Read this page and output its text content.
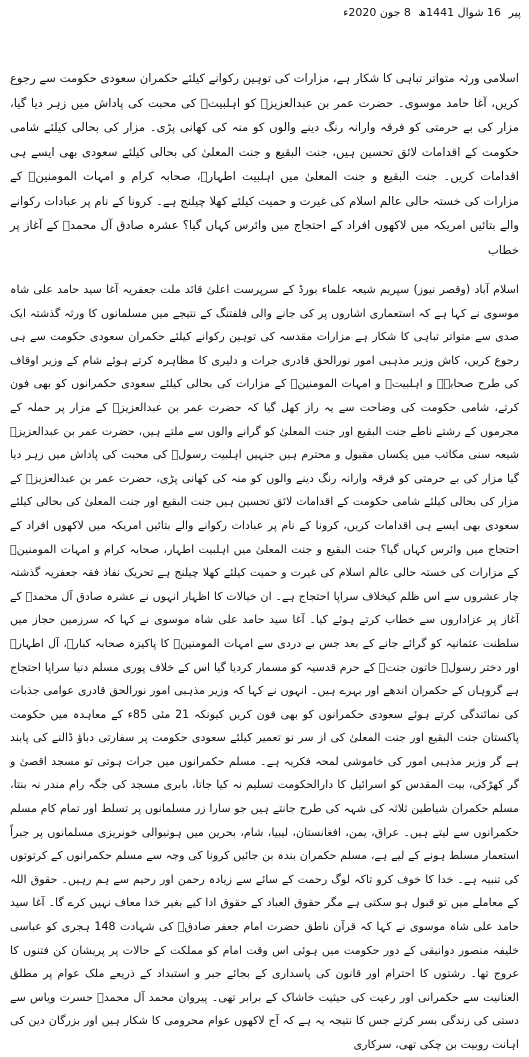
پیر 16 شوال 1441ھ 8 جون 2020ء
اسلامی ورثہ متواتر تباہی کا شکار ہے، مزارات کی توہین رکوانے کیلئے حکمران سعودی حکومت سے رجوع کریں، آغا حامد موسوی۔ حضرت عمر بن عبدالعزیزؒ کو اہلبیتؑ کی محبت کی پاداش میں زہر دیا گیا، مزار کی بے حرمتی کو فرقہ وارانہ رنگ دینے والوں کو منہ کی کھانی پڑی۔ مزار کی بحالی کیلئے شامی حکومت کے اقدامات لائق تحسین ہیں، جنت البقیع و جنت المعلیٰ کی بحالی کیلئے سعودی بھی ایسے ہی اقدامات کریں۔ جنت البقیع و جنت المعلیٰ میں اہلبیت اطہارؑ، صحابہ کرام و امہات المومنینؓ کے مزارات کی خستہ حالی عالم اسلام کی غیرت و حمیت کیلئے کھلا چیلنج ہے۔ کرونا کے نام پر عبادات رکوانے والے بتائیں امریکہ میں لاکھوں افراد کے احتجاج میں وائرس کہاں گیا؟ عشرہ صادق آل محمدؑ کے آغاز پر خطاب
اسلام آباد (وقصر نیوز) سپریم شیعہ علماء بورڈ کے سرپرست اعلیٰ قائد ملت جعفریہ آغا سید حامد علی شاہ موسوی نے کہا ہے کہ استعماری اشاروں پر کی جانے والی فلفتنگ کے نتیجے میں مسلمانوں کا ورثہ گذشتہ ایک صدی سے متواتر تباہی کا شکار ہے مزارات مقدسہ کی توہین رکوانے کیلئے حکمران سعودی حکومت سے ہی رجوع کریں، کاش وزیر مذہبی امور نورالحق قادری جرات و دلیری کا مظاہرہ کرتے ہوئے شام کے وزیر اوقاف کی طرح صحابہؓ و اہلبیتؑ و امہات المومنینؓ کے مزارات کی بحالی کیلئے سعودی حکمرانوں کو بھی فون کرتے، شامی حکومت کی وضاحت سے یہ راز کھل گیا کہ حضرت عمر بن عبدالعزیزؒ کے مزار پر حملہ کے مجرموں کے رشتے ناطے جنت البقیع اور جنت المعلیٰ کو گرانے والوں سے ملتے ہیں، حضرت عمر بن عبدالعزیزؒ شیعہ سنی مکاتب میں یکساں مقبول و محترم ہیں جنہیں اہلبیت رسولؐ کی محبت کی پاداش میں زہر دیا گیا مزار کی بے حرمتی کو فرقہ وارانہ رنگ دینے والوں کو منہ کی کھانی پڑی، حضرت عمر بن عبدالعزیزؒ کے مزار کی بحالی کیلئے شامی حکومت کے اقدامات لائق تحسین ہیں جنت البقیع اور جنت المعلیٰ کی بحالی کیلئے سعودی بھی ایسے ہی اقدامات کریں، کرونا کے نام پر عبادات رکوانے والے بتائیں امریکہ میں لاکھوں افراد کے احتجاج میں وائرس کہاں گیا؟ جنت البقیع و جنت المعلیٰ میں اہلبیت اطہار، صحابہ کرام و امہات المومنینؓ کے مزارات کی خستہ حالی عالم اسلام کی غیرت و حمیت کیلئے کھلا چیلنج ہے تحریک نفاذ فقہ جعفریہ گذشتہ چار عشروں سے اس ظلم کیخلاف سراپا احتجاج ہے۔ ان خیالات کا اظہار انہوں نے عشرہ صادق آل محمدؑ کے آغاز پر عزاداروں سے خطاب کرتے ہوئے کیا۔ آغا سید حامد علی شاہ موسوی نے کہا کہ سرزمین حجاز میں سلطنت عثمانیہ کو گرائے جانے کے بعد جس بے دردی سے امہات المومنینؓ کا پاکیزہ صحابہ کبارؓ، آل اطہارؑ اور دختر رسولؐ خاتون جنتؑ کے حرم قدسیہ کو مسمار کردیا گیا اس کے خلاف پوری مسلم دنیا سراپا احتجاج ہے گروہاں کے حکمران اندھے اور بہرے ہیں۔ انہوں نے کہا کہ وزیر مذہبی امور نورالحق قادری عوامی جذبات کی نمائندگی کرتے ہوئے سعودی حکمرانوں کو بھی فون کریں کیونکہ 21 مئی 85ء کے معاہدہ میں حکومت پاکستان جنت البقیع اور جنت المعلیٰ کی از سر نو تعمیر کیلئے سعودی حکومت پر سفارتی دباؤ ڈالنے کی پابند ہے گر وزیر مذہبی امور کی خاموشی لمحہ فکریہ ہے۔ مسلم حکمرانوں میں جرات ہوتی تو مسجد اقصیٰ و گر کھڑکی، بیت المقدس کو اسرائیل کا دارالحکومت تسلیم نہ کیا جاتا، بابری مسجد کی جگہ رام مندر نہ بنتا، مسلم حکمران شیاطین ثلاثہ کی شہہ کی طرح جانتے ہیں جو سارا زر مسلمانوں پر تسلط اور تمام کام مسلم حکمرانوں سے لیتے ہیں۔ عراق، یمن، افغانستان، لیبیا، شام، بحرین میں ہونیوالی خونریزی مسلمانوں پر جبراً استعمار مسلط ہونے کے لیے ہے، مسلم حکمران بندہ بن جائیں کرونا کی وجہ سے مسلم حکمرانوں کے کرتوتوں کی تنبیہ ہے۔ خدا کا خوف کرو تاکہ لوگ رحمت کے سائے سے زیادہ رحمن اور رحیم سے ہم رہیں۔ حقوق اللہ کے معاملے میں تو قبول ہو سکتی ہے مگر حقوق العباد کے حقوق ادا کیے بغیر خدا معاف نہیں کرے گا۔ آغا سید حامد علی شاہ موسوی نے کہا کہ قرآن ناطق حضرت امام جعفر صادقؑ کی شہادت 148 ہجری کو عباسی خلیفہ منصور دوانیقی کے دور حکومت میں ہوئی اس وقت امام کو مملکت کے حالات پر پریشان کن فتنوں کا عروج تھا۔ رشتوں کا احترام اور قانون کی پاسداری کے بجائے جبر و استبداد کے ذریعے ملک عوام پر مطلق العنانیت سے حکمرانی اور رعیت کی حیثیت خاشاک کے برابر تھی۔ پیروان محمد آل محمدؐ حسرت ویاس سے دستی کی زندگی بسر کرتے جس کا نتیجہ یہ ہے کہ آج لاکھوں عوام محرومی کا شکار ہیں اور بزرگان دین کی اہانت روبیت بن چکی تھی، سرکاری
